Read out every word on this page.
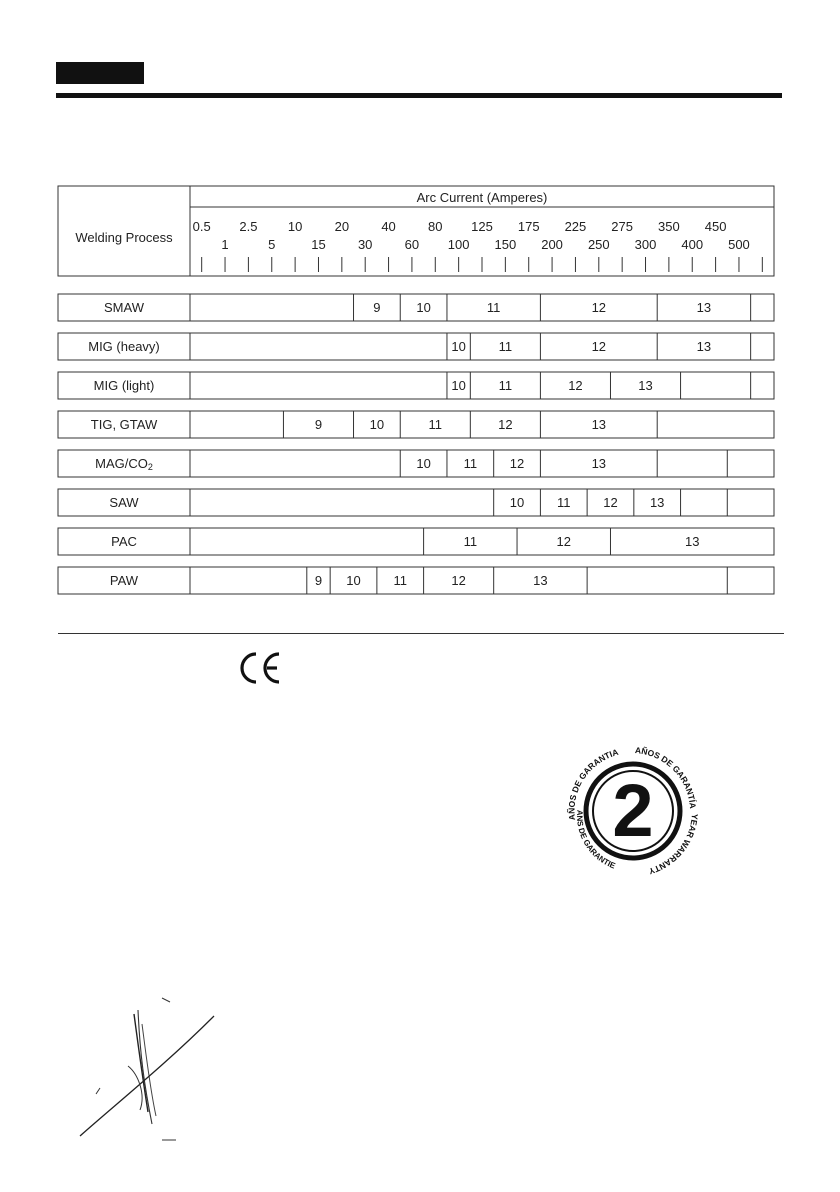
Welding Process
Arc Current (Amperes)
0.5 2.5 10 20 40 80 125 175 225 275 350 450
1	5	15 30 60 100 150 200 250 300 400 500
SMAW	9	10	11	12	13
MIG (heavy)	10	11	12	13
MIG (light)	10	11	12	13
TIG, GTAW	9	10	11	12	13
MAG/CO2	10	11	12	13
SAW	10	11	12 13
PAC	11	12	13
PAW	9 10	11	12	13
2
AÑOS DE GARANTIA AÑOS DE GARANTÍA
YEAR WARRANTY
ANS DE GARANTIE
